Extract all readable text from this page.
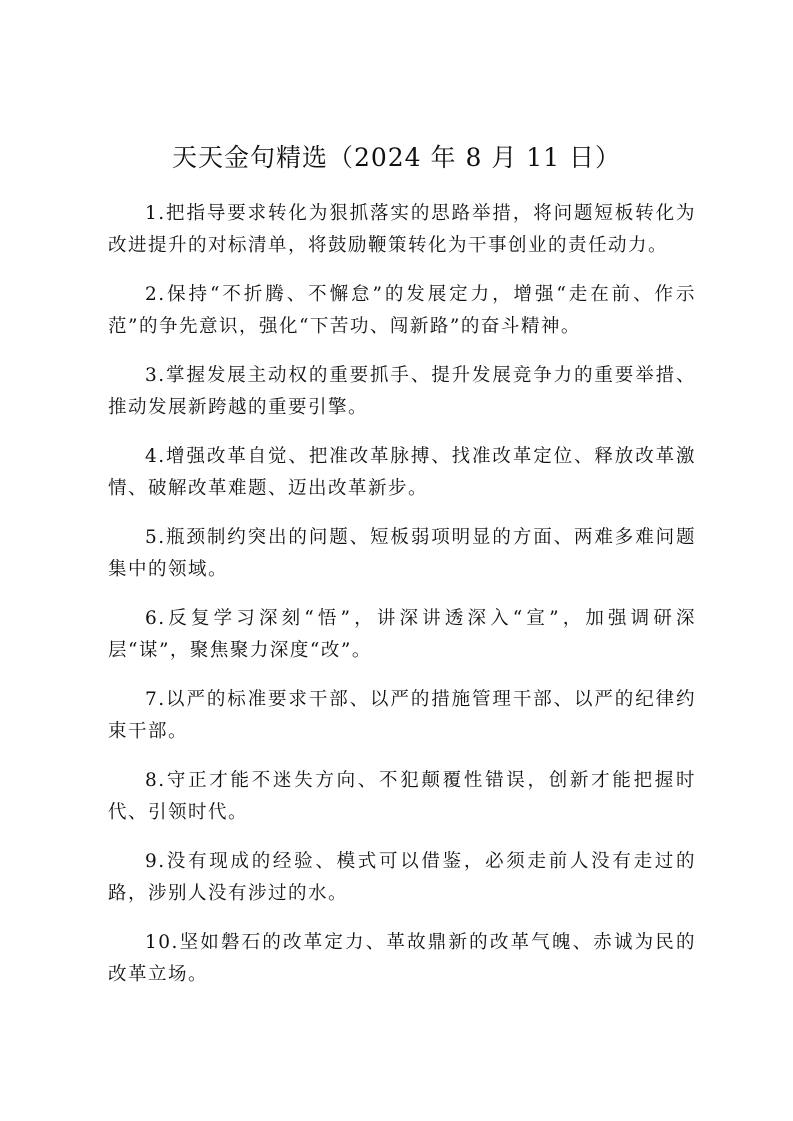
天天金句精选（2024 年 8 月 11 日）

1.把指导要求转化为狠抓落实的思路举措，将问题短板转化为改进提升的对标清单，将鼓励鞭策转化为干事创业的责任动力。

2.保持“不折腾、不懈怠”的发展定力，增强“走在前、作示范”的争先意识，强化“下苦功、闯新路”的奋斗精神。

3.掌握发展主动权的重要抓手、提升发展竞争力的重要举措、推动发展新跨越的重要引擎。

4.增强改革自觉、把准改革脉搏、找准改革定位、释放改革激情、破解改革难题、迈出改革新步。

5.瓶颈制约突出的问题、短板弱项明显的方面、两难多难问题集中的领域。

6.反复学习深刻“悟”，讲深讲透深入“宣”，加强调研深层“谋”，聚焦聚力深度“改”。

7.以严的标准要求干部、以严的措施管理干部、以严的纪律约束干部。

8.守正才能不迷失方向、不犯颠覆性错误，创新才能把握时代、引领时代。

9.没有现成的经验、模式可以借鉴，必须走前人没有走过的路，涉别人没有涉过的水。

10.坚如磐石的改革定力、革故鼎新的改革气魄、赤诚为民的改革立场。
